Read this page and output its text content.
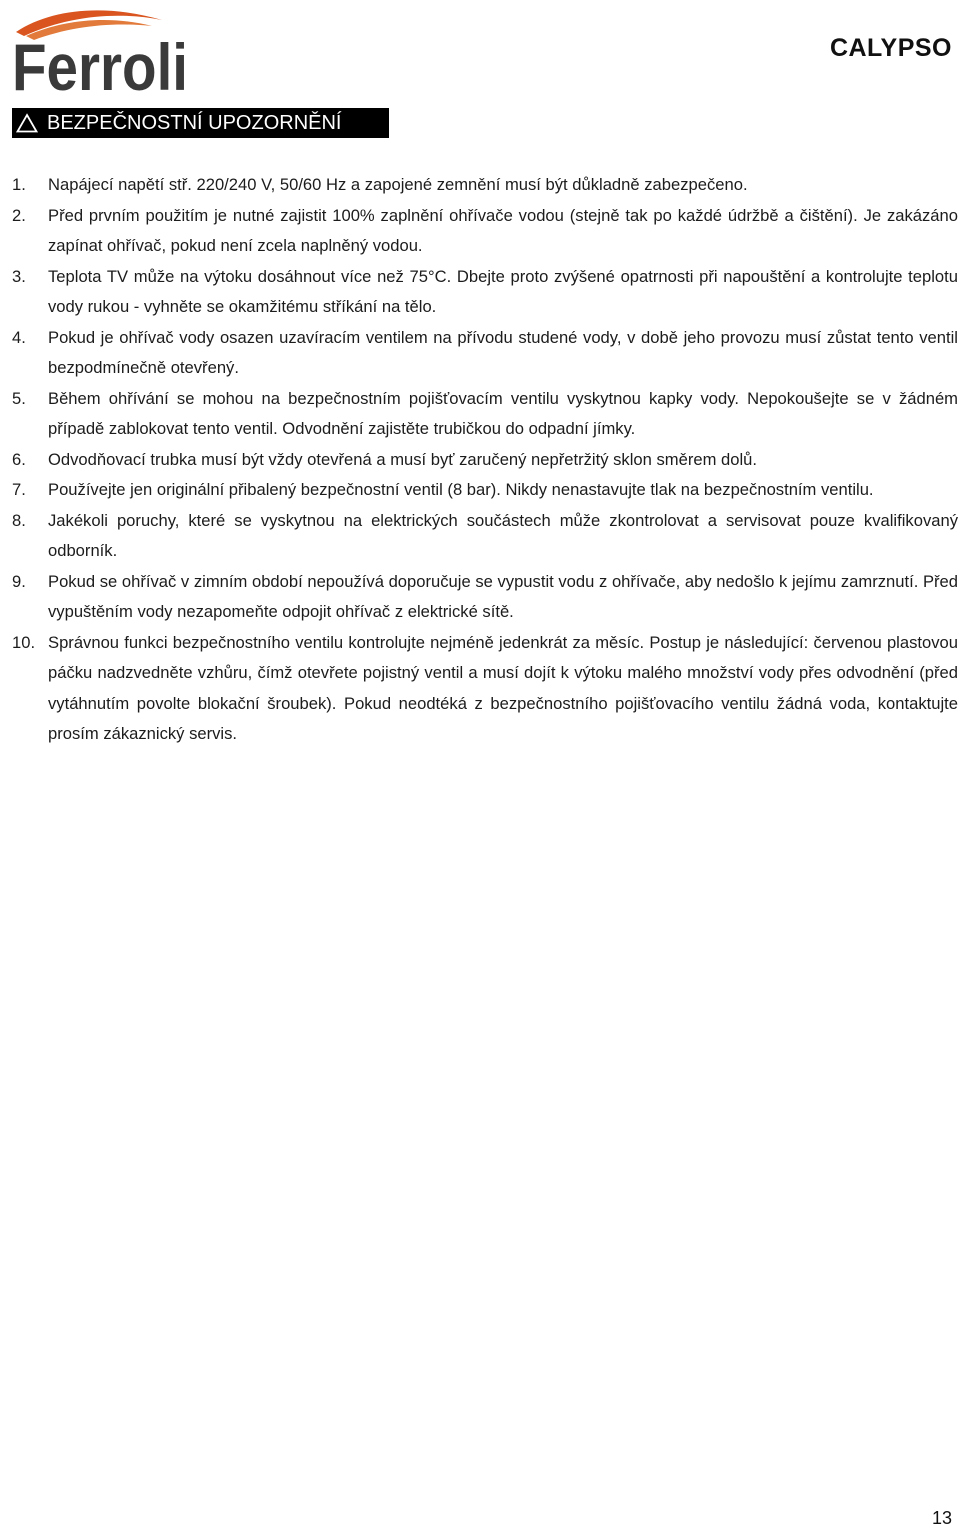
Ferroli	CALYPSO
BEZPEČNOSTNÍ UPOZORNĚNÍ
1.	Napájecí napětí stř. 220/240 V, 50/60 Hz a zapojené zemnění musí být důkladně zabezpečeno.
2.	Před prvním použitím je nutné zajistit 100% zaplnění ohřívače vodou (stejně tak po každé údržbě a čištění). Je zakázáno zapínat ohřívač, pokud není zcela naplněný vodou.
3.	Teplota TV může na výtoku dosáhnout více než 75°C. Dbejte proto zvýšené opatrnosti při napouštění a kontrolujte teplotu vody rukou - vyhněte se okamžitému stříkání na tělo.
4.	Pokud je ohřívač vody osazen uzavíracím ventilem na přívodu studené vody, v době jeho provozu musí zůstat tento ventil bezpodmínečně otevřený.
5.	Během ohřívání se mohou na bezpečnostním pojišťovacím ventilu vyskytnou kapky vody. Nepokoušejte se v žádném případě zablokovat tento ventil. Odvodnění zajistěte trubičkou do odpadní jímky.
6.	Odvodňovací trubka musí být vždy otevřená a musí byť zaručený nepřetržitý sklon směrem dolů.
7.	Používejte jen originální přibalený bezpečnostní ventil (8 bar). Nikdy nenastavujte tlak na bezpečnostním ventilu.
8.	Jakékoli poruchy, které se vyskytnou na elektrických součástech může zkontrolovat a servisovat pouze kvalifikovaný odborník.
9.	Pokud se ohřívač v zimním období nepoužívá doporučuje se vypustit vodu z ohřívače, aby nedošlo k jejímu zamrznutí. Před vypuštěním vody nezapomeňte odpojit ohřívač z elektrické sítě.
10. Správnou funkci bezpečnostního ventilu kontrolujte nejméně jedenkrát za měsíc. Postup je následující: červenou plastovou páčku nadzvedněte vzhůru, čímž otevřete pojistný ventil a musí dojít k výtoku malého množství vody přes odvodnění (před vytáhnutím povolte blokační šroubek). Pokud neodtéká z bezpečnostního pojišťovacího ventilu žádná voda, kontaktujte prosím zákaznický servis.
13
